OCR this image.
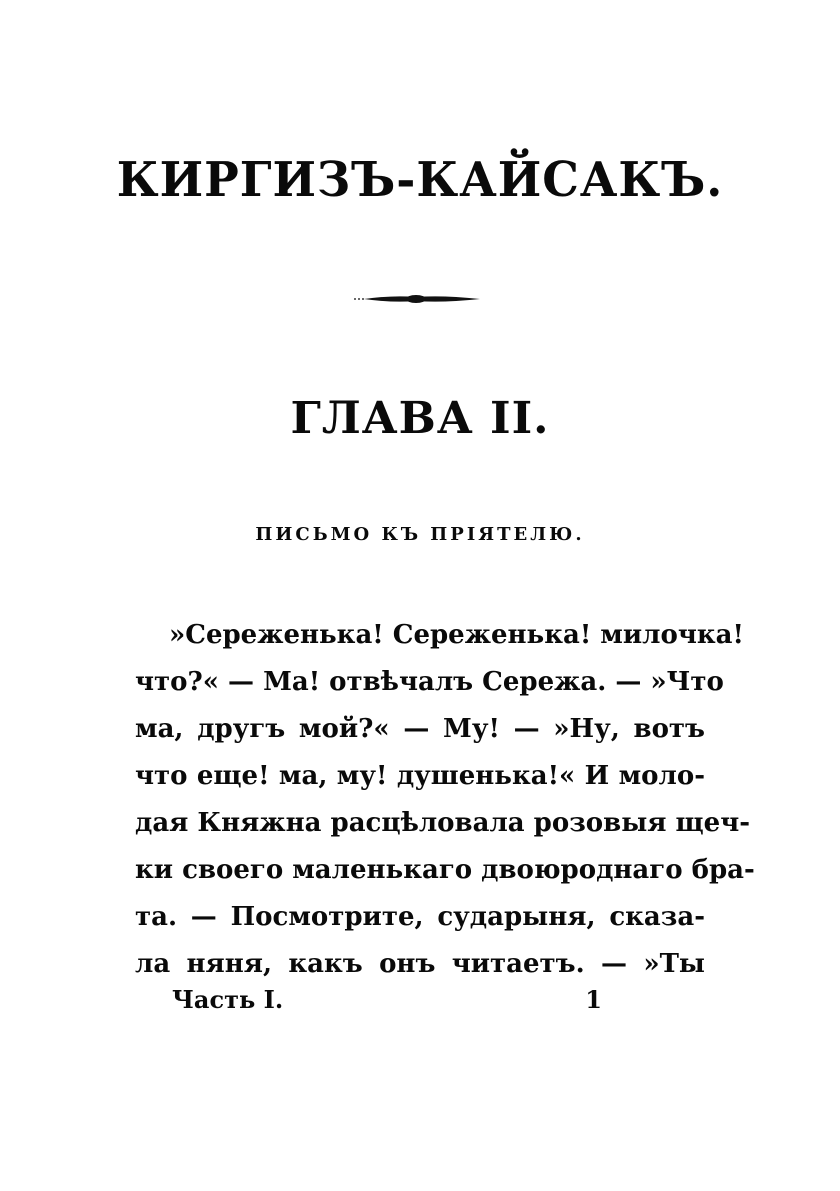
КИРГИЗЪ-КАЙСАКЪ.
ГЛАВА II.
ПИСЬМО КЪ ПРІЯТЕЛЮ.
»Сереженька! Сереженька! милочка!
что?« — Ма! отвѣчалъ Сережа. — »Что
ма, другъ мой?« — Му! — »Ну, вотъ
что еще! ма, му! душенька!« И моло-
дая Княжна расцѣловала розовыя щеч-
ки своего маленькаго двоюроднаго бра-
та. — Посмотрите, сударыня, сказа-
ла няня, какъ онъ читаетъ. — »Ты
Часть I.	1
